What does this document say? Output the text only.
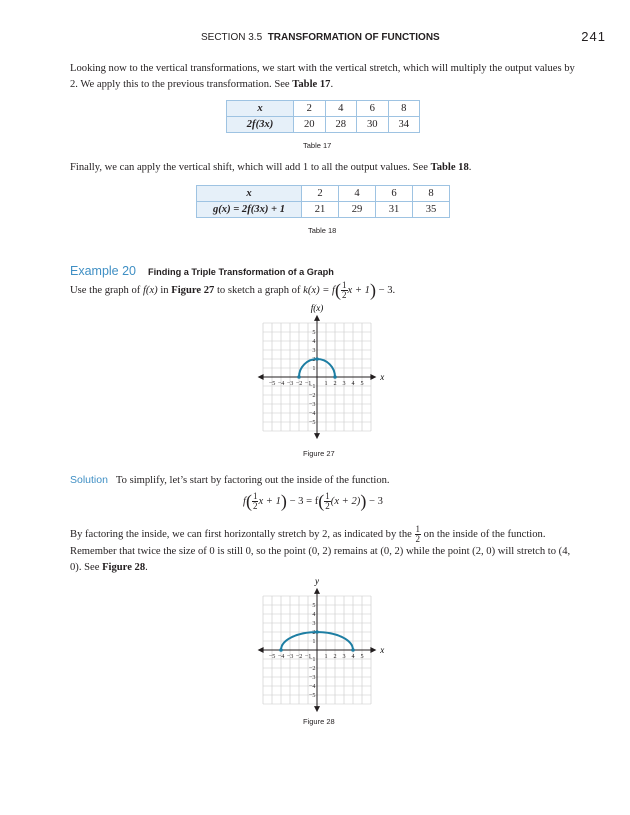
SECTION 3.5 TRANSFORMATION OF FUNCTIONS	241
Looking now to the vertical transformations, we start with the vertical stretch, which will multiply the output values by 2. We apply this to the previous transformation. See Table 17.
x	2	4	6	8
2f(3x)	20	28	30	34
Table 17
Finally, we can apply the vertical shift, which will add 1 to all the output values. See Table 18.
x	2	4	6	8
g(x) = 2f(3x) + 1	21	29	31	35
Table 18
Example 20 Finding a Triple Transformation of a Graph
Use the graph of f(x) in Figure 27 to sketch a graph of $k(x) = f( \frac{1}{2}$ x + 1) − 3.
−5 −4 −3 −2 −1 1 2 3 4 5
5
4
3
2
1
−1
−2
−3
−4
−5
f(x)
x
Figure 27
Solution To simplify, let’s start by factoring out the inside of the function.
$f( \frac{1}{2}$ $x + 1) - 3 = f( \frac{1}{2} (x + 2)) - 3$
By factoring the inside, we can first horizontally stretch by 2, as indicated by the $\frac{1}{2}$ on the inside of the function.
Remember that twice the size of 0 is still 0, so the point (0, 2) remains at (0, 2) while the point (2, 0) will stretch to (4, 0). See Figure 28.
−5 −4 −3 −2 −1 1 2 3 4 5
5
4
3
2
1
−1
−2
−3
−4
−5
y
x
Figure 28
